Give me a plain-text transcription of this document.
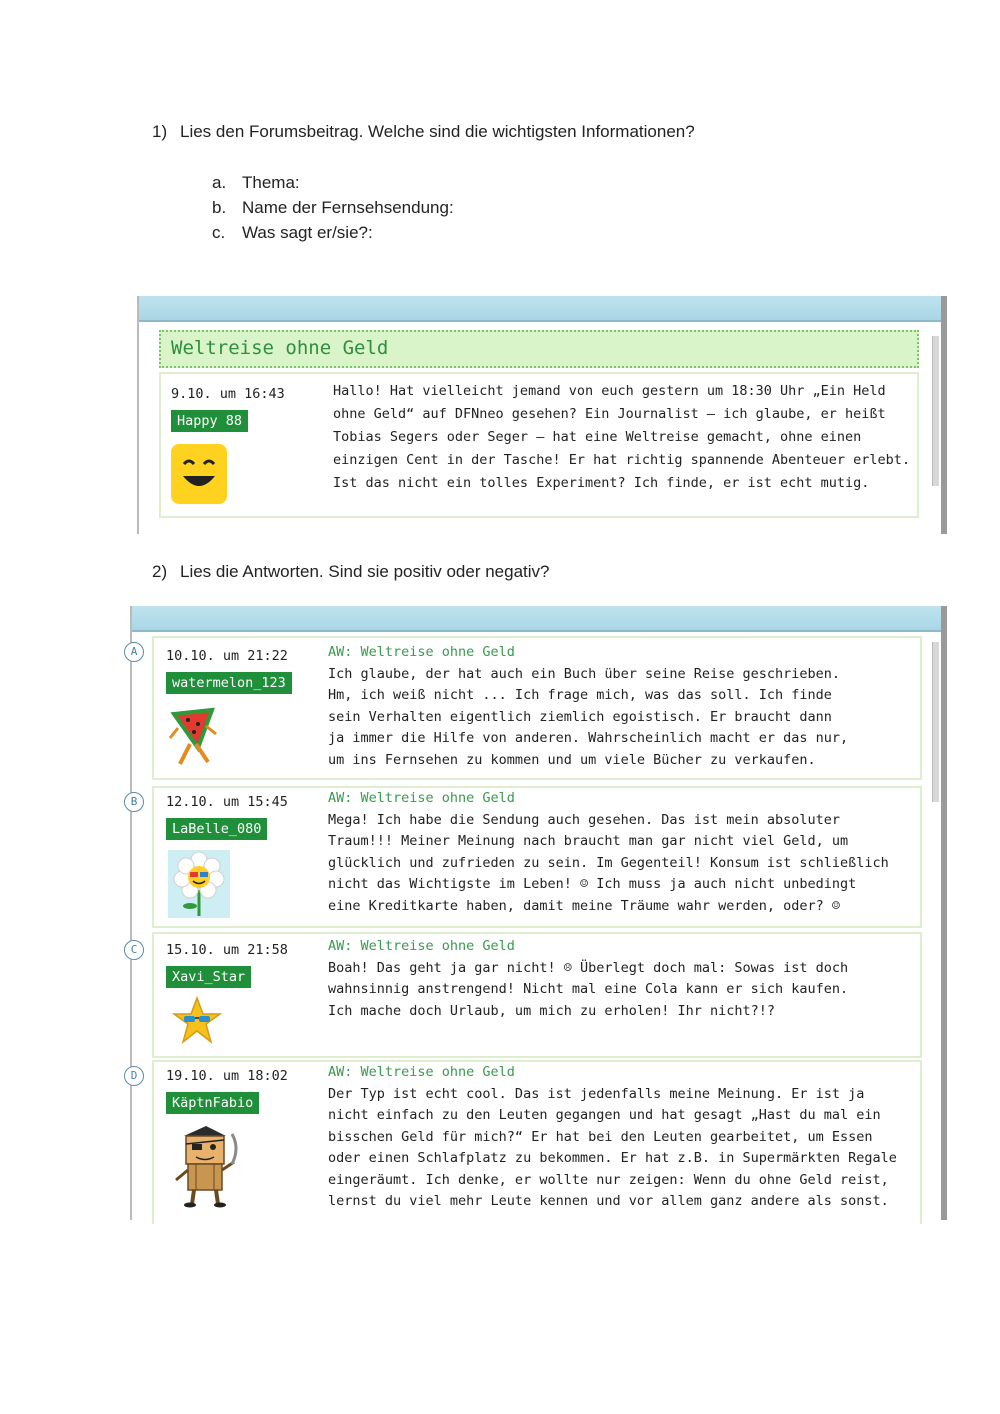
1) Lies den Forumsbeitrag. Welche sind die wichtigsten Informationen?
a. Thema:
b. Name der Fernsehsendung:
c. Was sagt er/sie?:
Weltreise ohne Geld
9.10. um 16:43
Happy 88
Hallo! Hat vielleicht jemand von euch gestern um 18:30 Uhr „Ein Held
ohne Geld“ auf DFNneo gesehen? Ein Journalist – ich glaube, er heißt
Tobias Segers oder Seger – hat eine Weltreise gemacht, ohne einen
einzigen Cent in der Tasche! Er hat richtig spannende Abenteuer erlebt.
Ist das nicht ein tolles Experiment? Ich finde, er ist echt mutig.
2) Lies die Antworten. Sind sie positiv oder negativ?
10.10. um 21:22
watermelon_123
AW: Weltreise ohne Geld
Ich glaube, der hat auch ein Buch über seine Reise geschrieben.
Hm, ich weiß nicht ... Ich frage mich, was das soll. Ich finde
sein Verhalten eigentlich ziemlich egoistisch. Er braucht dann
ja immer die Hilfe von anderen. Wahrscheinlich macht er das nur,
um ins Fernsehen zu kommen und um viele Bücher zu verkaufen.
A
12.10. um 15:45
LaBelle_080
AW: Weltreise ohne Geld
Mega! Ich habe die Sendung auch gesehen. Das ist mein absoluter
Traum!!! Meiner Meinung nach braucht man gar nicht viel Geld, um
glücklich und zufrieden zu sein. Im Gegenteil! Konsum ist schließlich
nicht das Wichtigste im Leben! ☺ Ich muss ja auch nicht unbedingt
eine Kreditkarte haben, damit meine Träume wahr werden, oder? ☺
B
15.10. um 21:58
Xavi_Star
AW: Weltreise ohne Geld
Boah! Das geht ja gar nicht! ☹ Überlegt doch mal: Sowas ist doch
wahnsinnig anstrengend! Nicht mal eine Cola kann er sich kaufen.
Ich mache doch Urlaub, um mich zu erholen! Ihr nicht?!?
C
19.10. um 18:02
KäptnFabio
AW: Weltreise ohne Geld
Der Typ ist echt cool. Das ist jedenfalls meine Meinung. Er ist ja
nicht einfach zu den Leuten gegangen und hat gesagt „Hast du mal ein
bisschen Geld für mich?“ Er hat bei den Leuten gearbeitet, um Essen
oder einen Schlafplatz zu bekommen. Er hat z.B. in Supermärkten Regale
eingeräumt. Ich denke, er wollte nur zeigen: Wenn du ohne Geld reist,
lernst du viel mehr Leute kennen und vor allem ganz andere als sonst.
D
